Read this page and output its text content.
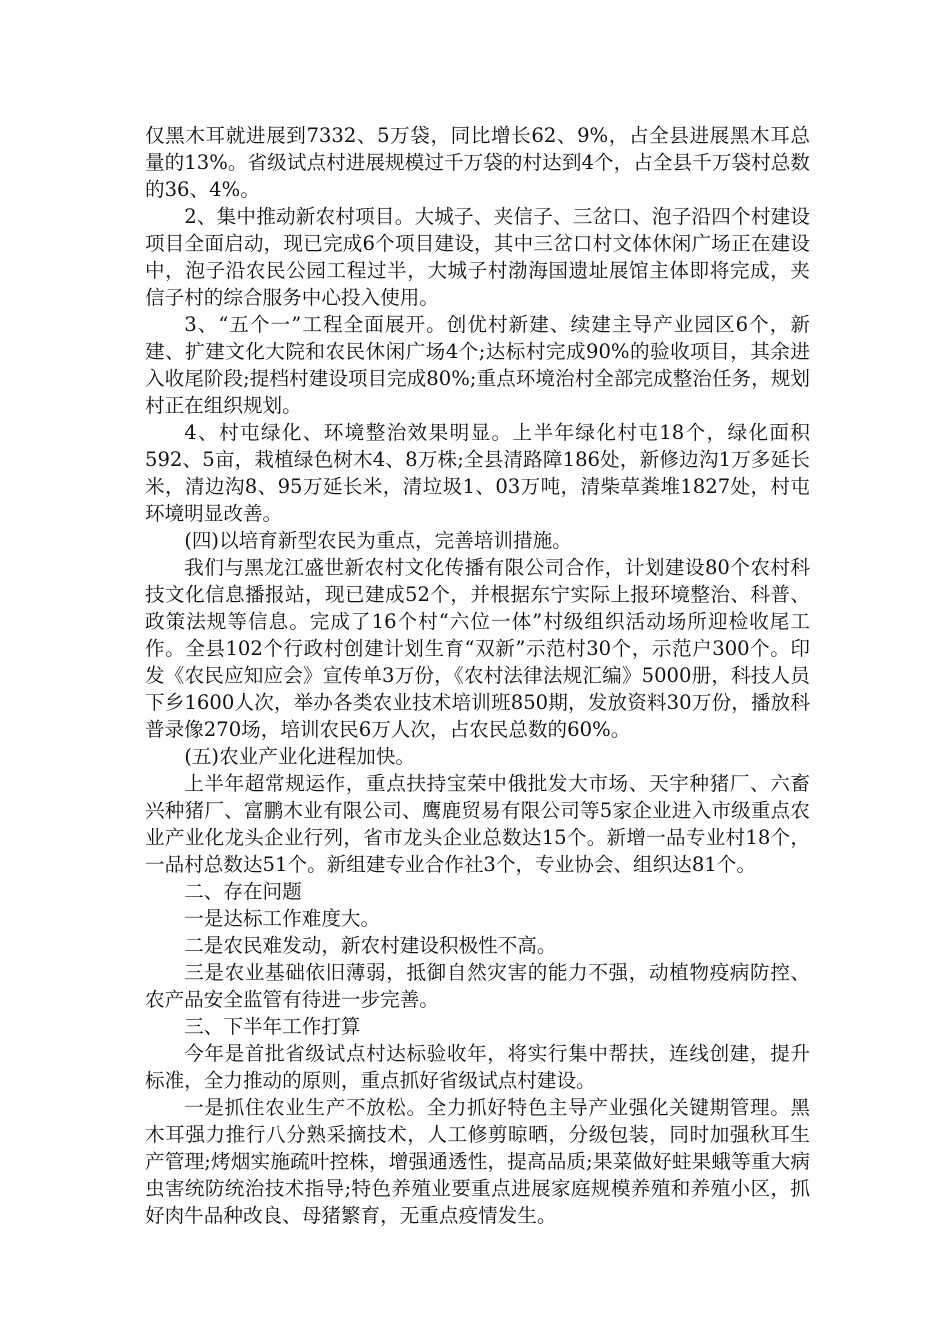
仅黑木耳就进展到7332、5万袋，同比增长62、9%，占全县进展黑木耳总量的13%。省级试点村进展规模过千万袋的村达到4个，占全县千万袋村总数的36、4%。

2、集中推动新农村项目。大城子、夹信子、三岔口、泡子沿四个村建设项目全面启动，现已完成6个项目建设，其中三岔口村文体休闲广场正在建设中，泡子沿农民公园工程过半，大城子村渤海国遗址展馆主体即将完成，夹信子村的综合服务中心投入使用。

3、“五个一”工程全面展开。创优村新建、续建主导产业园区6个，新建、扩建文化大院和农民休闲广场4个;达标村完成90%的验收项目，其余进入收尾阶段;提档村建设项目完成80%;重点环境治村全部完成整治任务，规划村正在组织规划。

4、村屯绿化、环境整治效果明显。上半年绿化村屯18个，绿化面积592、5亩，栽植绿色树木4、8万株;全县清路障186处，新修边沟1万多延长米，清边沟8、95万延长米，清垃圾1、03万吨，清柴草粪堆1827处，村屯环境明显改善。

(四)以培育新型农民为重点，完善培训措施。

我们与黑龙江盛世新农村文化传播有限公司合作，计划建设80个农村科技文化信息播报站，现已建成52个，并根据东宁实际上报环境整治、科普、政策法规等信息。完成了16个村“六位一体”村级组织活动场所迎检收尾工作。全县102个行政村创建计划生育“双新”示范村30个，示范户300个。印发《农民应知应会》宣传单3万份，《农村法律法规汇编》5000册，科技人员下乡1600人次，举办各类农业技术培训班850期，发放资料30万份，播放科普录像270场，培训农民6万人次，占农民总数的60%。

(五)农业产业化进程加快。

上半年超常规运作，重点扶持宝荣中俄批发大市场、天宇种猪厂、六畜兴种猪厂、富鹏木业有限公司、鹰鹿贸易有限公司等5家企业进入市级重点农业产业化龙头企业行列，省市龙头企业总数达15个。新增一品专业村18个，一品村总数达51个。新组建专业合作社3个，专业协会、组织达81个。

二、存在问题

一是达标工作难度大。

二是农民难发动，新农村建设积极性不高。

三是农业基础依旧薄弱，抵御自然灾害的能力不强，动植物疫病防控、农产品安全监管有待进一步完善。

三、下半年工作打算

今年是首批省级试点村达标验收年，将实行集中帮扶，连线创建，提升标准，全力推动的原则，重点抓好省级试点村建设。

一是抓住农业生产不放松。全力抓好特色主导产业强化关键期管理。黑木耳强力推行八分熟采摘技术，人工修剪晾晒，分级包装，同时加强秋耳生产管理;烤烟实施疏叶控株，增强通透性，提高品质;果菜做好蛀果蛾等重大病虫害统防统治技术指导;特色养殖业要重点进展家庭规模养殖和养殖小区，抓好肉牛品种改良、母猪繁育，无重点疫情发生。
